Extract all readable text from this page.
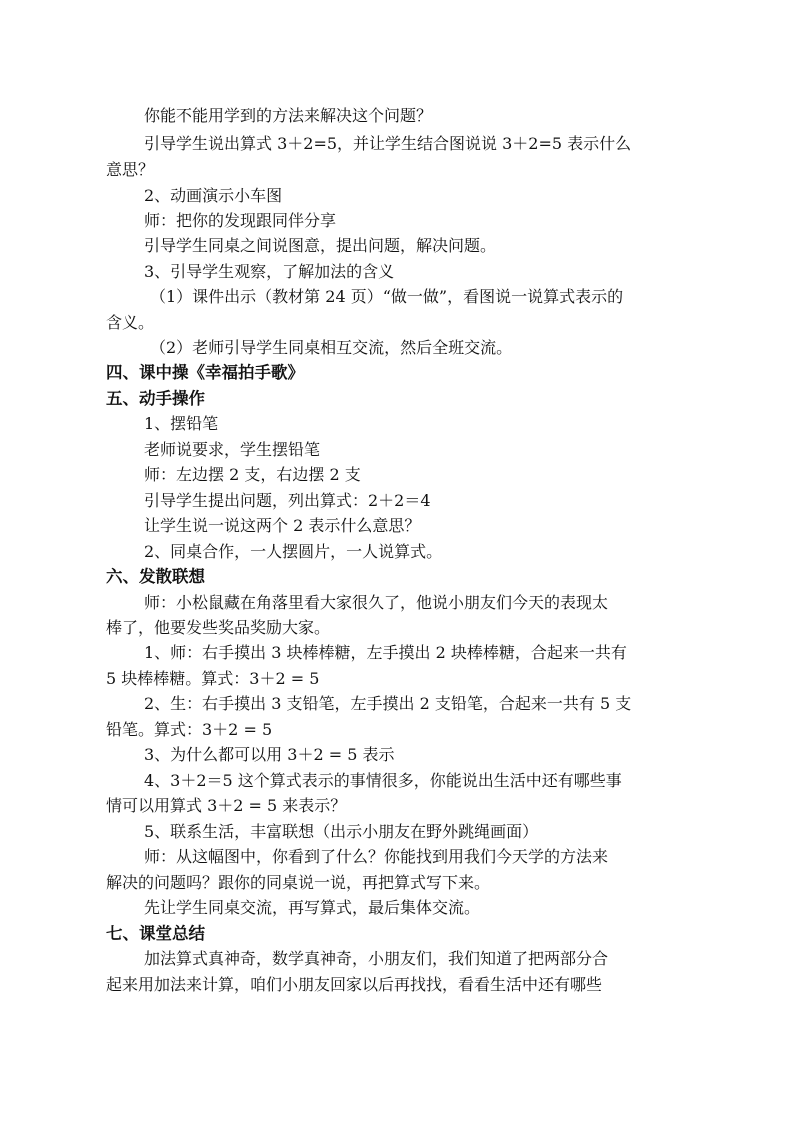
你能不能用学到的方法来解决这个问题？
引导学生说出算式 3＋2=5，并让学生结合图说说 3＋2=5 表示什么
意思？
2、动画演示小车图
师：把你的发现跟同伴分享
引导学生同桌之间说图意，提出问题，解决问题。
3、引导学生观察，了解加法的含义
（1）课件出示（教材第 24 页）“做一做”，看图说一说算式表示的
含义。
（2）老师引导学生同桌相互交流，然后全班交流。
四、课中操《幸福拍手歌》
五、动手操作
1、摆铅笔
老师说要求，学生摆铅笔
师：左边摆 2 支，右边摆 2 支
引导学生提出问题，列出算式：2＋2＝4
让学生说一说这两个 2 表示什么意思？
2、同桌合作，一人摆圆片，一人说算式。
六、发散联想
师：小松鼠藏在角落里看大家很久了，他说小朋友们今天的表现太
棒了，他要发些奖品奖励大家。
1、师：右手摸出 3 块棒棒糖，左手摸出 2 块棒棒糖，合起来一共有
5 块棒棒糖。算式：3＋2 = 5
2、生：右手摸出 3 支铅笔，左手摸出 2 支铅笔，合起来一共有 5 支
铅笔。算式：3＋2 = 5
3、为什么都可以用 3＋2 = 5 表示
4、3＋2＝5 这个算式表示的事情很多，你能说出生活中还有哪些事
情可以用算式 3＋2 = 5 来表示？
5、联系生活，丰富联想（出示小朋友在野外跳绳画面）
师：从这幅图中，你看到了什么？你能找到用我们今天学的方法来
解决的问题吗？跟你的同桌说一说，再把算式写下来。
先让学生同桌交流，再写算式，最后集体交流。
七、课堂总结
加法算式真神奇，数学真神奇，小朋友们，我们知道了把两部分合
起来用加法来计算，咱们小朋友回家以后再找找，看看生活中还有哪些
